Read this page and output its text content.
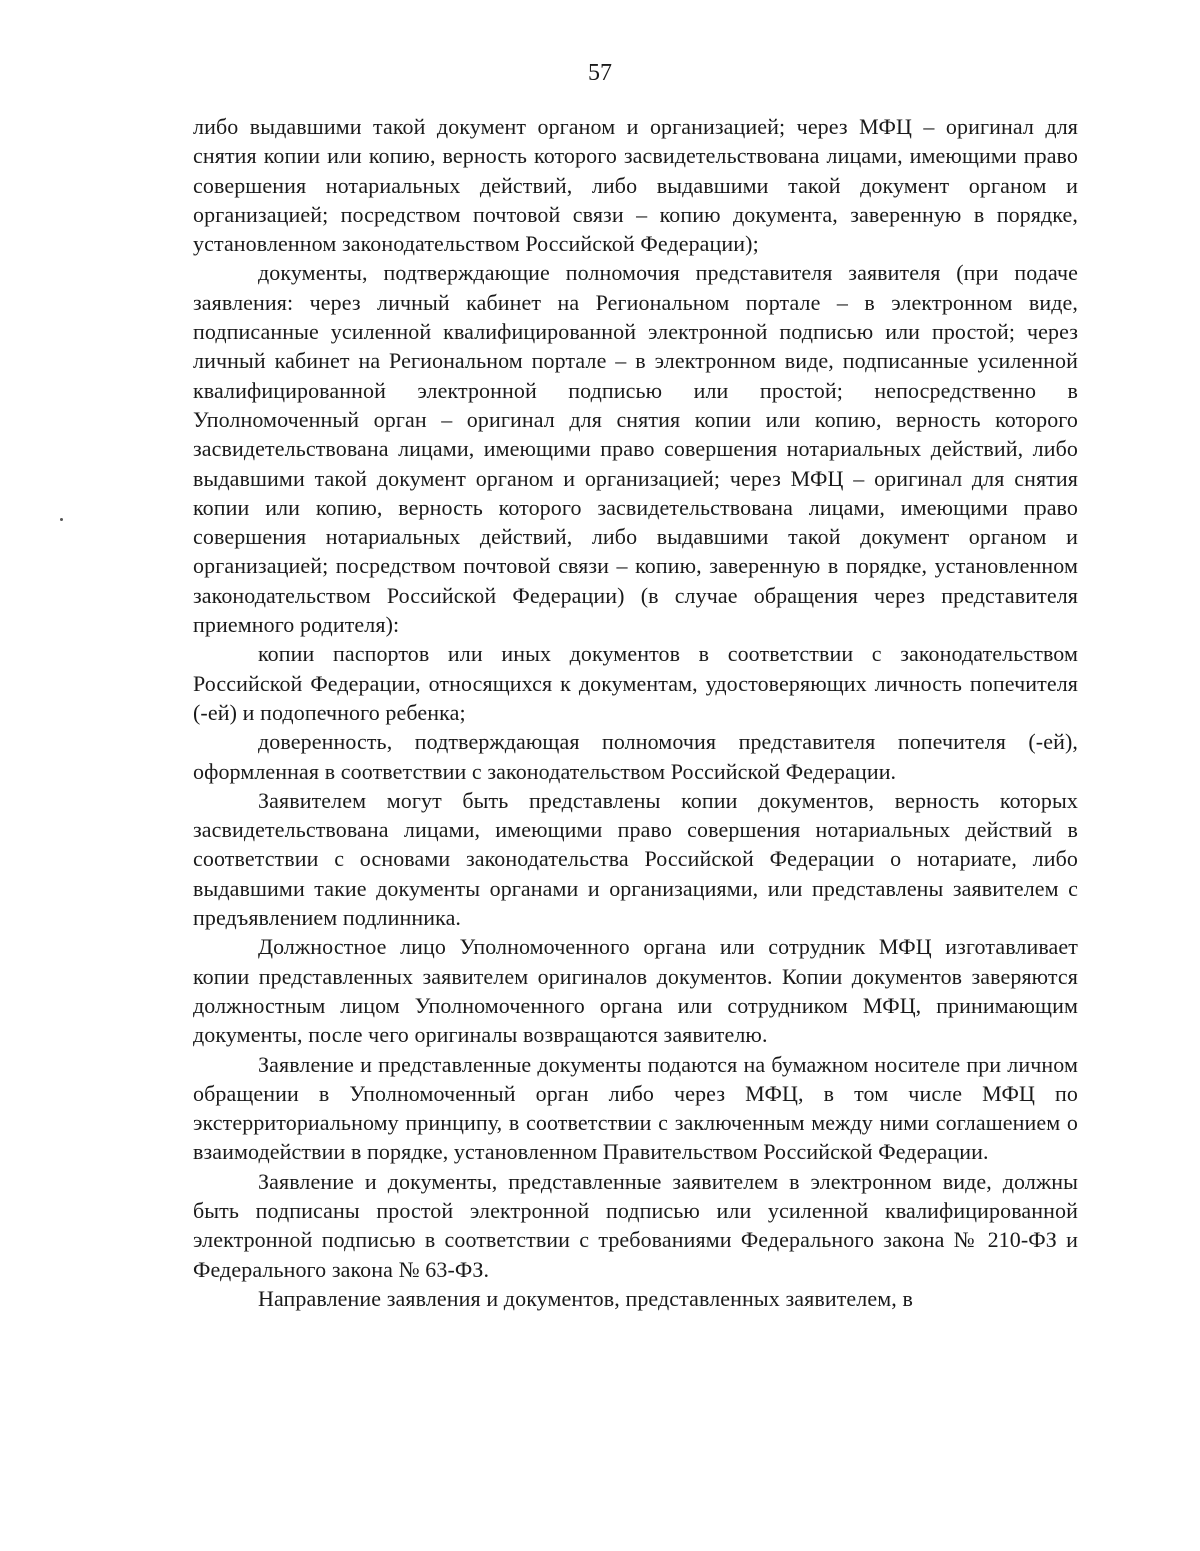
57

либо выдавшими такой документ органом и организацией; через МФЦ – оригинал для снятия копии или копию, верность которого засвидетельствована лицами, имеющими право совершения нотариальных действий, либо выдавшими такой документ органом и организацией; посредством почтовой связи – копию документа, заверенную в порядке, установленном законодательством Российской Федерации);

документы, подтверждающие полномочия представителя заявителя (при подаче заявления: через личный кабинет на Региональном портале – в электронном виде, подписанные усиленной квалифицированной электронной подписью или простой; через личный кабинет на Региональном портале – в электронном виде, подписанные усиленной квалифицированной электронной подписью или простой; непосредственно в Уполномоченный орган – оригинал для снятия копии или копию, верность которого засвидетельствована лицами, имеющими право совершения нотариальных действий, либо выдавшими такой документ органом и организацией; через МФЦ – оригинал для снятия копии или копию, верность которого засвидетельствована лицами, имеющими право совершения нотариальных действий, либо выдавшими такой документ органом и организацией; посредством почтовой связи – копию, заверенную в порядке, установленном законодательством Российской Федерации) (в случае обращения через представителя приемного родителя):

копии паспортов или иных документов в соответствии с законодательством Российской Федерации, относящихся к документам, удостоверяющих личность попечителя (-ей) и подопечного ребенка;

доверенность, подтверждающая полномочия представителя попечителя (-ей), оформленная в соответствии с законодательством Российской Федерации.

Заявителем могут быть представлены копии документов, верность которых засвидетельствована лицами, имеющими право совершения нотариальных действий в соответствии с основами законодательства Российской Федерации о нотариате, либо выдавшими такие документы органами и организациями, или представлены заявителем с предъявлением подлинника.

Должностное лицо Уполномоченного органа или сотрудник МФЦ изготавливает копии представленных заявителем оригиналов документов. Копии документов заверяются должностным лицом Уполномоченного органа или сотрудником МФЦ, принимающим документы, после чего оригиналы возвращаются заявителю.

Заявление и представленные документы подаются на бумажном носителе при личном обращении в Уполномоченный орган либо через МФЦ, в том числе МФЦ по экстерриториальному принципу, в соответствии с заключенным между ними соглашением о взаимодействии в порядке, установленном Правительством Российской Федерации.

Заявление и документы, представленные заявителем в электронном виде, должны быть подписаны простой электронной подписью или усиленной квалифицированной электронной подписью в соответствии с требованиями Федерального закона № 210-ФЗ и Федерального закона № 63-ФЗ.

Направление заявления и документов, представленных заявителем, в
